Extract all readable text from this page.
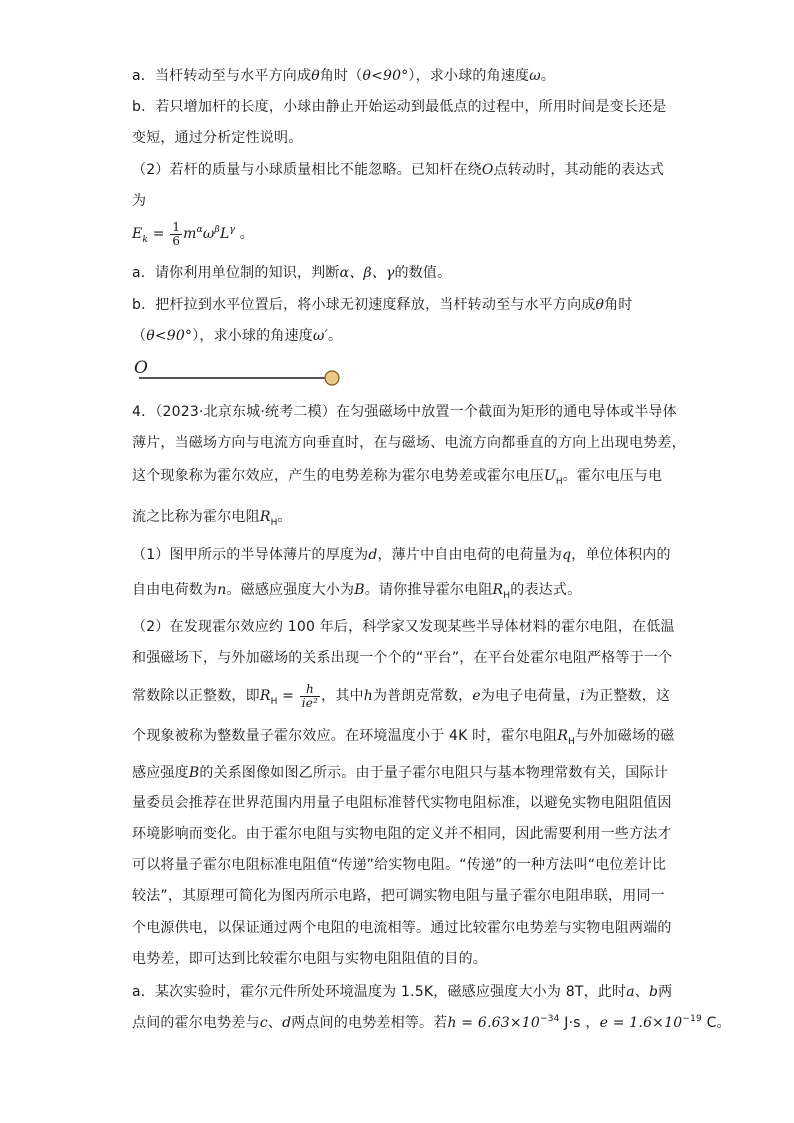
a．当杆转动至与水平方向成θ角时（θ<90°），求小球的角速度ω。
b．若只增加杆的长度，小球由静止开始运动到最低点的过程中，所用时间是变长还是
变短，通过分析定性说明。
（2）若杆的质量与小球质量相比不能忽略。已知杆在绕O点转动时，其动能的表达式
为
$E_k = \frac{1}{6} m^\alpha\omega^\beta L^\gamma$ 。
a．请你利用单位制的知识，判断α、β、γ的数值。
b．把杆拉到水平位置后，将小球无初速度释放，当杆转动至与水平方向成θ角时
（θ<90°），求小球的角速度ω′。
O
4．（2023·北京东城·统考二模）在匀强磁场中放置一个截面为矩形的通电导体或半导体
薄片，当磁场方向与电流方向垂直时，在与磁场、电流方向都垂直的方向上出现电势差，
这个现象称为霍尔效应，产生的电势差称为霍尔电势差或霍尔电压$U_H$。霍尔电压与电
流之比称为霍尔电阻$R_H$。
（1）图甲所示的半导体薄片的厚度为d，薄片中自由电荷的电荷量为q，单位体积内的
自由电荷数为n。磁感应强度大小为B。请你推导霍尔电阻$R_H$的表达式。
（2）在发现霍尔效应约 100 年后，科学家又发现某些半导体材料的霍尔电阻，在低温
和强磁场下，与外加磁场的关系出现一个个的“平台”，在平台处霍尔电阻严格等于一个
常数除以正整数，即$R_H = \frac{h}{\text{ie²}}$ ，其中h为普朗克常数，e为电子电荷量，i为正整数，这
个现象被称为整数量子霍尔效应。在环境温度小于 4K 时，霍尔电阻$R_H$与外加磁场的磁
感应强度B的关系图像如图乙所示。由于量子霍尔电阻只与基本物理常数有关，国际计
量委员会推荐在世界范围内用量子电阻标准替代实物电阻标准，以避免实物电阻阻值因
环境影响而变化。由于霍尔电阻与实物电阻的定义并不相同，因此需要利用一些方法才
可以将量子霍尔电阻标准电阻值“传递”给实物电阻。“传递”的一种方法叫“电位差计比
较法”，其原理可简化为图丙所示电路，把可调实物电阻与量子霍尔电阻串联，用同一
个电源供电，以保证通过两个电阻的电流相等。通过比较霍尔电势差与实物电阻两端的
电势差，即可达到比较霍尔电阻与实物电阻阻值的目的。
a．某次实验时，霍尔元件所处环境温度为 1.5K，磁感应强度大小为 8T，此时a、b两
点间的霍尔电势差与c、d两点间的电势差相等。若$h = 6.63\times 10^{-34}$ J·s ，$e = 1.6\times 10^{-19}$ C。
